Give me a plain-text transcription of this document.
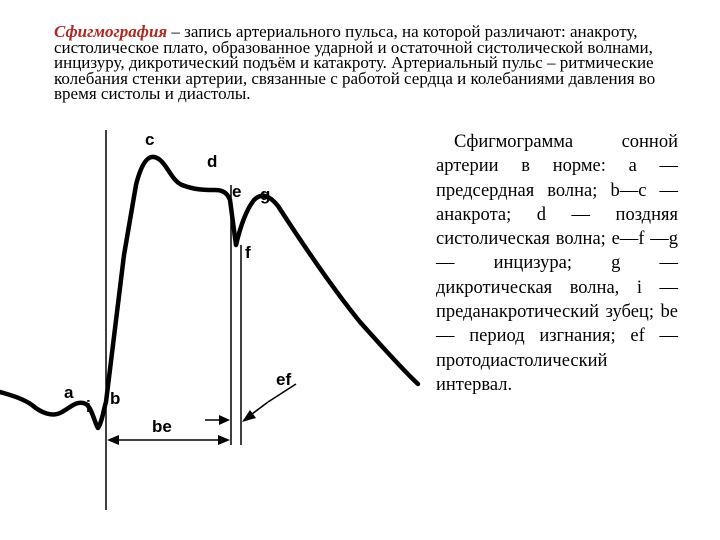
Сфигмография – запись артериального пульса, на которой различают: анакроту, систолическое плато, образованное ударной и остаточной систолической волнами, инцизуру, дикротический подъём и катакроту. Артериальный пульс – ритмические колебания стенки артерии, связанные с работой сердца и колебаниями давления во время систолы и диастолы.

a
i b
c
d
e g
f
be
ef

Сфигмограмма сонной артерии в норме: a — предсердная волна; b—c — анакрота; d — поздняя систолическая волна; e—f —g — инцизура; g — дикротическая волна, i — преданакротический зубец; be — период изгнания; ef — протодиастолический интервал.
